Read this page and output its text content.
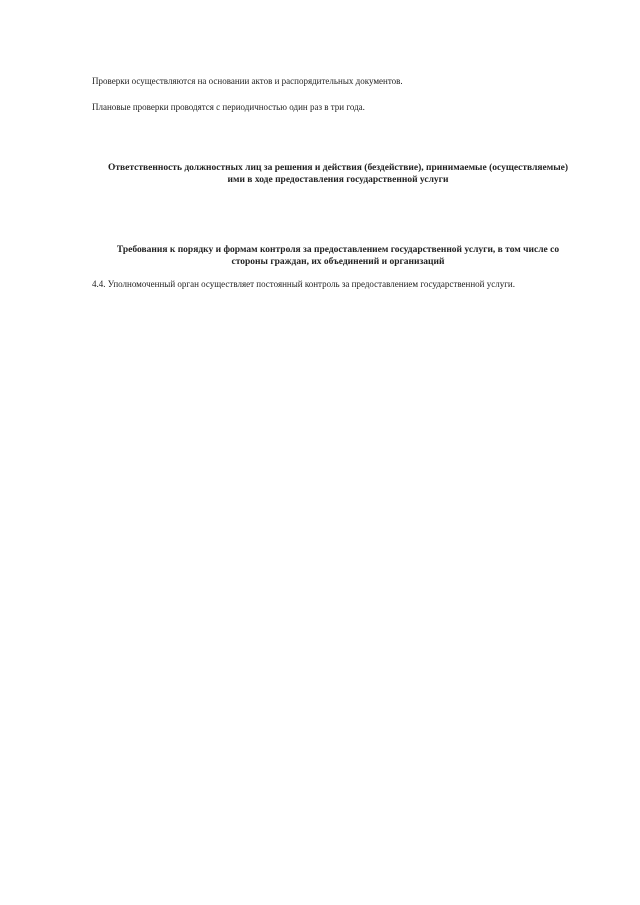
Проверки осуществляются на основании актов и распорядительных документов.
Плановые проверки проводятся с периодичностью один раз в три года.
Ответственность должностных лиц за решения и действия (бездействие), принимаемые (осуществляемые) ими в ходе предоставления государственной услуги
Требования к порядку и формам контроля за предоставлением государственной услуги, в том числе со стороны граждан, их объединений и организаций
4.4. Уполномоченный орган осуществляет постоянный контроль за предоставлением государственной услуги.
